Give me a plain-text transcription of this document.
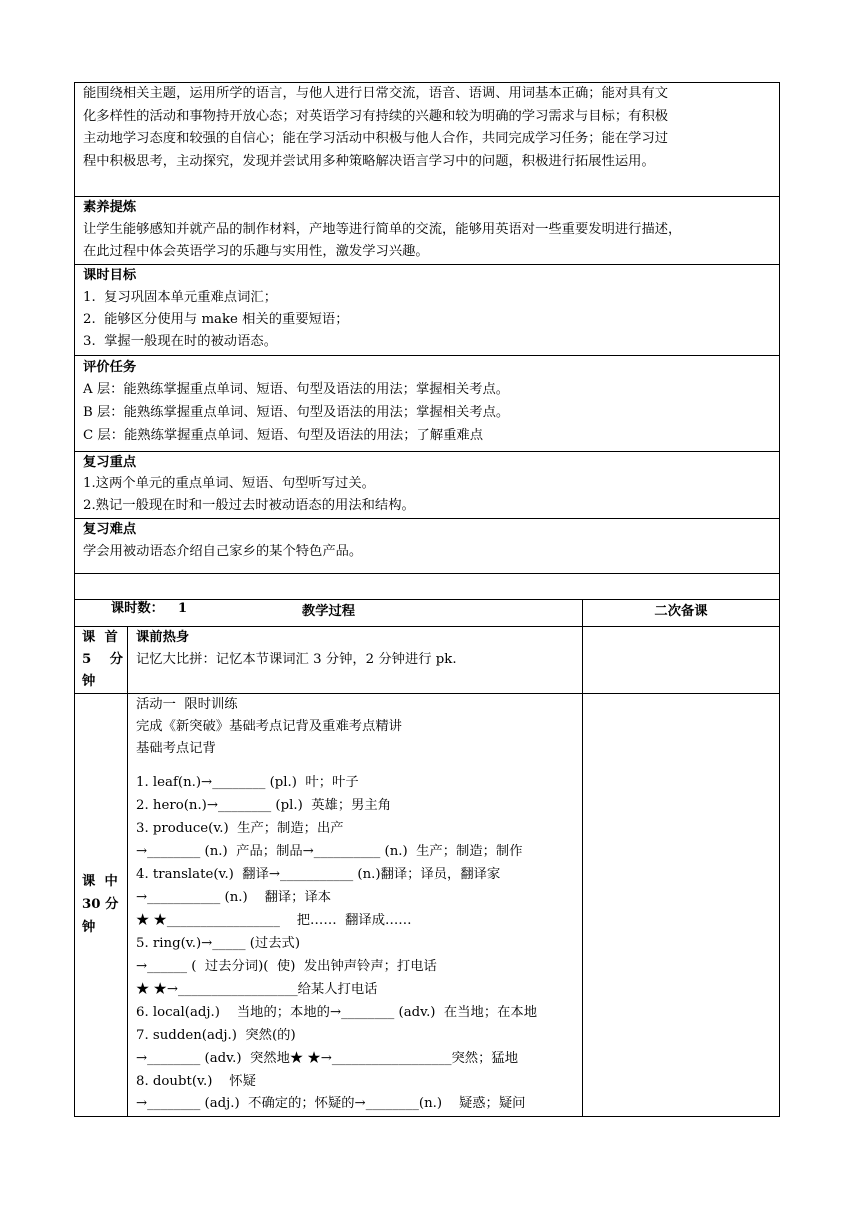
能围绕相关主题，运用所学的语言，与他人进行日常交流，语音、语调、用词基本正确；能对具有文
化多样性的活动和事物持开放心态；对英语学习有持续的兴趣和较为明确的学习需求与目标；有积极
主动地学习态度和较强的自信心；能在学习活动中积极与他人合作，共同完成学习任务；能在学习过
程中积极思考，主动探究，发现并尝试用多种策略解决语言学习中的问题，积极进行拓展性运用。
素养提炼
让学生能够感知并就产品的制作材料，产地等进行简单的交流，能够用英语对一些重要发明进行描述，
在此过程中体会英语学习的乐趣与实用性，激发学习兴趣。
课时目标
1.  复习巩固本单元重难点词汇；
2.  能够区分使用与 make 相关的重要短语；
3.  掌握一般现在时的被动语态。
评价任务
A 层：能熟练掌握重点单词、短语、句型及语法的用法；掌握相关考点。
B 层：能熟练掌握重点单词、短语、句型及语法的用法；掌握相关考点。
C 层：能熟练掌握重点单词、短语、句型及语法的用法；了解重难点
复习重点
1.这两个单元的重点单词、短语、句型听写过关。
2.熟记一般现在时和一般过去时被动语态的用法和结构。
复习难点
学会用被动语态介绍自己家乡的某个特色产品。

课时数： 1
	教学过程	二次备课
课  首
5    分
钟
课前热身
记忆大比拼：记忆本节课词汇 3 分钟，2 分钟进行 pk.
课  中
30 分
钟
活动一  限时训练
完成《新突破》基础考点记背及重难考点精讲
基础考点记背
1. leaf(n.)→________ (pl.)  叶；叶子
2. hero(n.)→________ (pl.)  英雄；男主角
3. produce(v.)  生产；制造；出产
→________ (n.)  产品；制品→__________ (n.)  生产；制造；制作
4. translate(v.)  翻译→___________ (n.)翻译；译员，翻译家
→___________ (n.)    翻译；译本
★ ★_________________    把……  翻译成……
5. ring(v.)→_____ (过去式)
→______ (  过去分词)(  使)  发出钟声铃声；打电话
★ ★→__________________给某人打电话
6. local(adj.)    当地的；本地的→________ (adv.)  在当地；在本地
7. sudden(adj.)  突然(的)
→________ (adv.)  突然地★ ★→__________________突然；猛地
8. doubt(v.)    怀疑
→________ (adj.)  不确定的；怀疑的→________(n.)    疑惑；疑问
